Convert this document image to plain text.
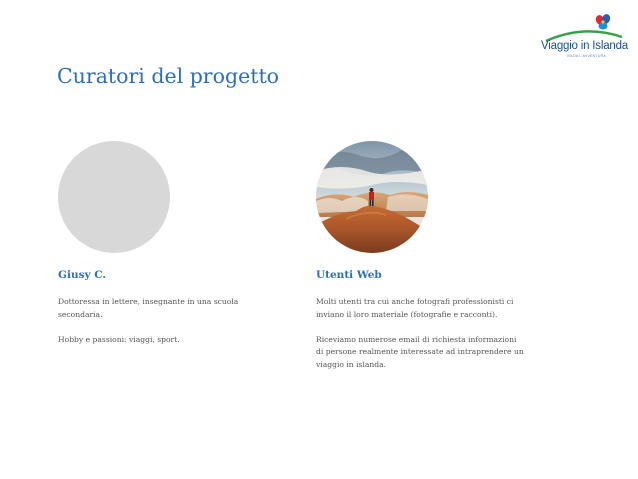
Viaggio in Islanda
INIZIA L'AVVENTURA
Curatori del progetto
Giusy C.
Dottoressa in lettere, insegnante in una scuola
secondaria.
Hobby e passioni: viaggi, sport.
Utenti Web
Molti utenti tra cui anche fotografi professionisti ci
inviano il loro materiale (fotografie e racconti).
Riceviamo numerose email di richiesta informazioni
di persone realmente interessate ad intraprendere un
viaggio in islanda.
